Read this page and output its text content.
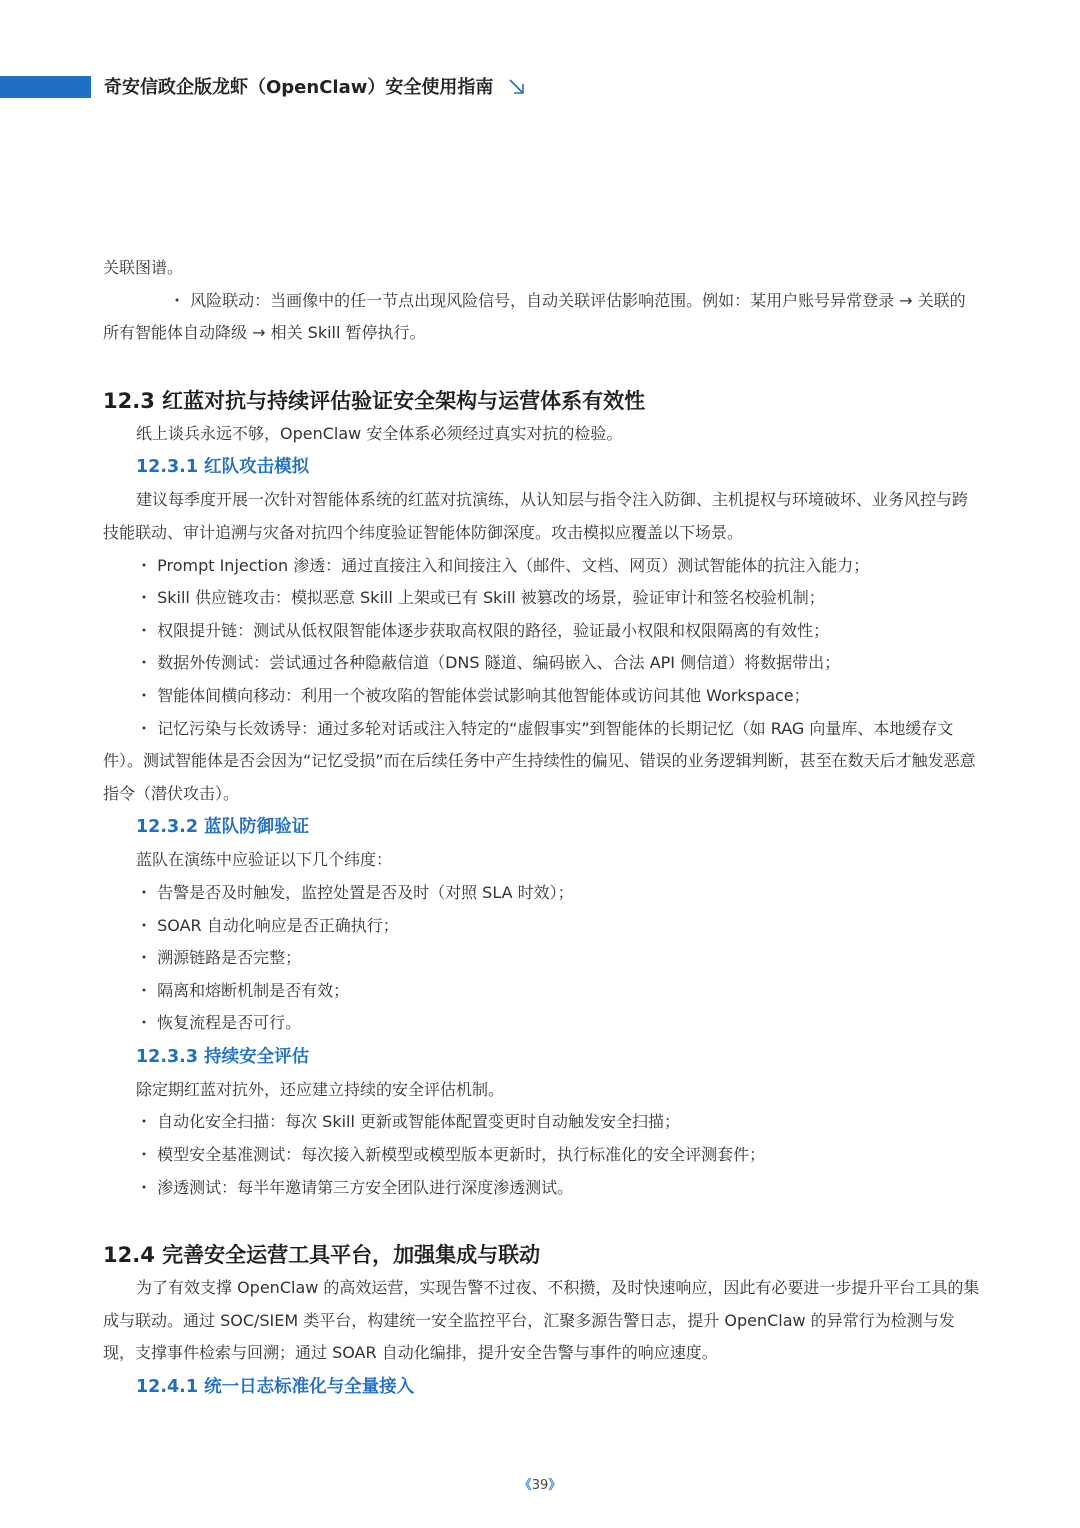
奇安信政企版龙虾（OpenClaw）安全使用指南

关联图谱。

・ 风险联动：当画像中的任一节点出现风险信号，自动关联评估影响范围。例如：某用户账号异常登录 → 关联的所有智能体自动降级 → 相关 Skill 暂停执行。

12.3 红蓝对抗与持续评估验证安全架构与运营体系有效性

纸上谈兵永远不够，OpenClaw 安全体系必须经过真实对抗的检验。

12.3.1 红队攻击模拟

建议每季度开展一次针对智能体系统的红蓝对抗演练，从认知层与指令注入防御、主机提权与环境破坏、业务风控与跨技能联动、审计追溯与灾备对抗四个纬度验证智能体防御深度。攻击模拟应覆盖以下场景。

・ Prompt Injection 渗透：通过直接注入和间接注入（邮件、文档、网页）测试智能体的抗注入能力；

・ Skill 供应链攻击：模拟恶意 Skill 上架或已有 Skill 被篡改的场景，验证审计和签名校验机制；

・ 权限提升链：测试从低权限智能体逐步获取高权限的路径，验证最小权限和权限隔离的有效性；

・ 数据外传测试：尝试通过各种隐蔽信道（DNS 隧道、编码嵌入、合法 API 侧信道）将数据带出；

・ 智能体间横向移动：利用一个被攻陷的智能体尝试影响其他智能体或访问其他 Workspace；

・ 记忆污染与长效诱导：通过多轮对话或注入特定的“虚假事实”到智能体的长期记忆（如 RAG 向量库、本地缓存文件）。测试智能体是否会因为“记忆受损”而在后续任务中产生持续性的偏见、错误的业务逻辑判断，甚至在数天后才触发恶意指令（潜伏攻击）。

12.3.2 蓝队防御验证

蓝队在演练中应验证以下几个纬度：

・ 告警是否及时触发，监控处置是否及时（对照 SLA 时效）；

・ SOAR 自动化响应是否正确执行；

・ 溯源链路是否完整；

・ 隔离和熔断机制是否有效；

・ 恢复流程是否可行。

12.3.3 持续安全评估

除定期红蓝对抗外，还应建立持续的安全评估机制。

・ 自动化安全扫描：每次 Skill 更新或智能体配置变更时自动触发安全扫描；

・ 模型安全基准测试：每次接入新模型或模型版本更新时，执行标准化的安全评测套件；

・ 渗透测试：每半年邀请第三方安全团队进行深度渗透测试。

12.4 完善安全运营工具平台，加强集成与联动

为了有效支撑 OpenClaw 的高效运营，实现告警不过夜、不积攒，及时快速响应，因此有必要进一步提升平台工具的集成与联动。通过 SOC/SIEM 类平台，构建统一安全监控平台，汇聚多源告警日志，提升 OpenClaw 的异常行为检测与发现，支撑事件检索与回溯；通过 SOAR 自动化编排，提升安全告警与事件的响应速度。

12.4.1 统一日志标准化与全量接入

《39》
